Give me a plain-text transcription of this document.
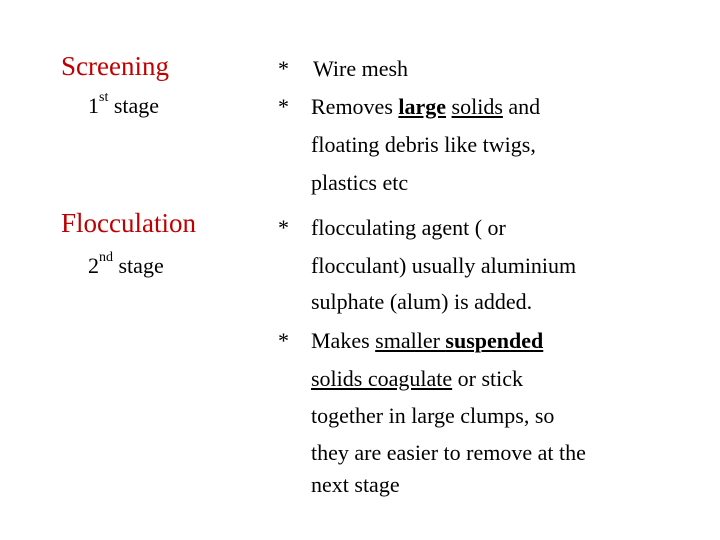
Screening
1st stage
Flocculation
2nd stage
* Wire mesh
* Removes large solids and
floating debris like twigs,
plastics etc
* flocculating agent ( or
flocculant) usually aluminium
sulphate (alum) is added.
* Makes smaller suspended
solids coagulate or stick
together in large clumps, so
they are easier to remove at the
next stage
